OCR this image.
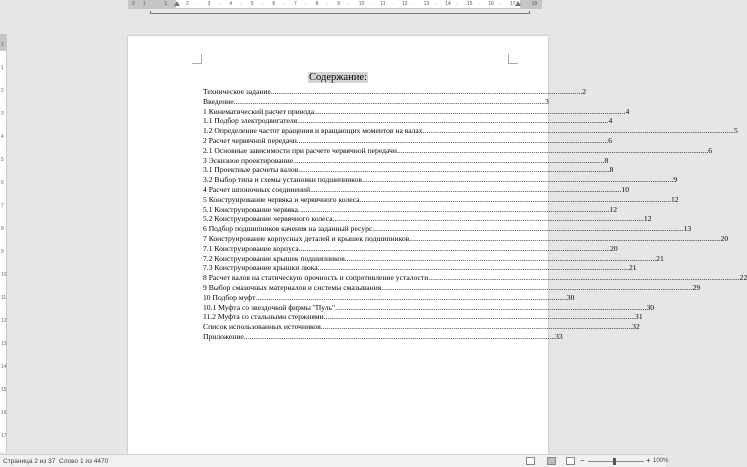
2 1 · 1 · 2 · 3 · 4 · 5 · 6 · 7 · 8 · 9 · 10 · 11 · 12 · 13 · 14 · 15 · 16 · 17 · 18
1
1
2
3
4
5
6
7
8
9
10
11
12
13
14
15
16
17
Содержание:
Техническое задание .....	2
Введение .....	3
1 Кинематический расчет привода .....	4
1.1 Подбор электродвигателя .....	4
1.2 Определение частот вращения и вращающих моментов на валах .....	5
2 Расчет червячной передачи .....	6
2.1 Основные зависимости при расчете червячной передачи .....	6
3 Эскизное проектирование .....	8
3.1 Проектные расчеты валов .....	8
3.2 Выбор типа и схемы установки подшипников .....	9
4 Расчет шпоночных соединений .....	10
5 Конструирование червяка и червячного колеса .....	12
5.1 Конструирование червяка .....	12
5.2 Конструирование червячного колеса .....	12
6 Подбор подшипников качения на заданный ресурс .....	13
7 Конструирование корпусных деталей и крышек подшипников .....	20
7.1 Конструирование корпуса .....	20
7.2 Конструирование крышек подшипников .....	21
7.3 Конструирование крышки люка .....	21
8 Расчет валов на статическую прочность и сопротивление усталости .....	22
9 Выбор смазочных материалов и системы смазывания .....	29
10 Подбор муфт .....	30
10.1 Муфта со звездочкой фирмы "Пуль" .....	30
11.2 Муфта со стальными стержнями .....	31
Список использованных источников .....	32
Приложение .....	33
Страница 2 из 37 Слово 1 из 4470	−	+ 100%
